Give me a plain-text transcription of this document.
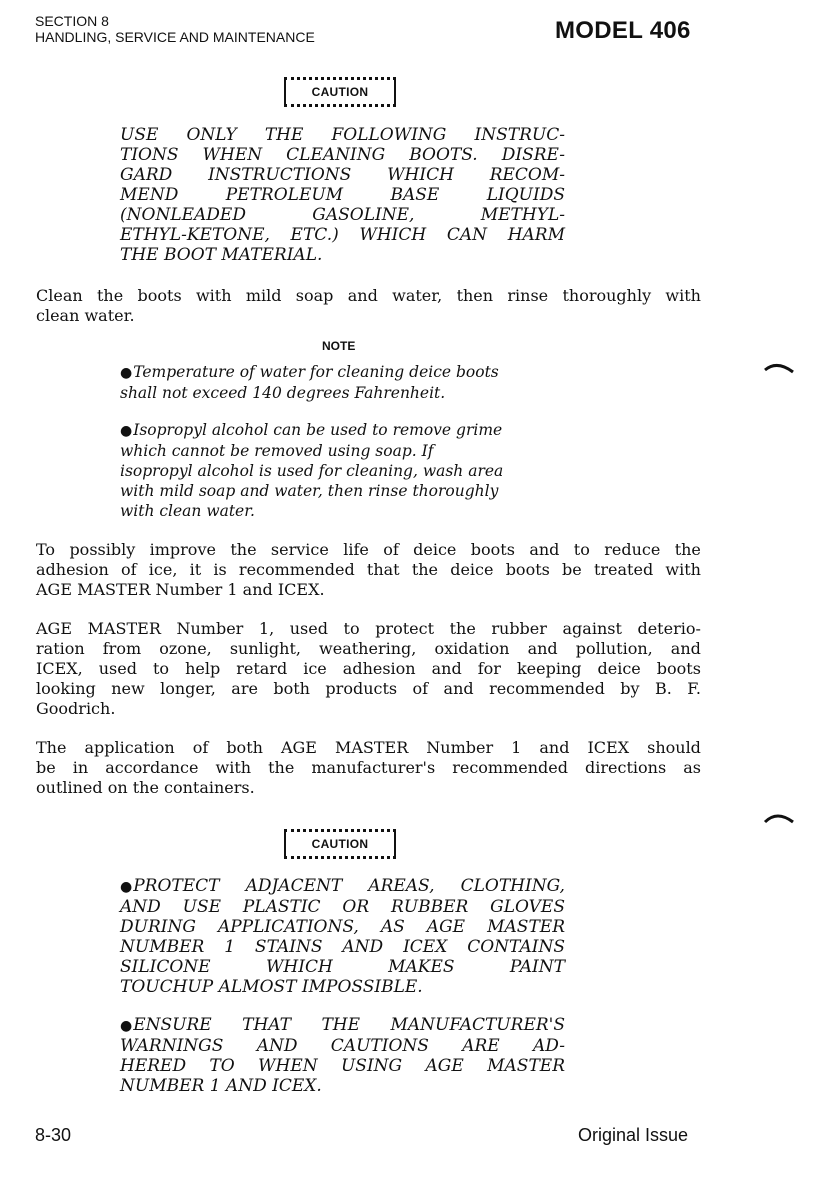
SECTION 8
HANDLING, SERVICE AND MAINTENANCE	MODEL 406
CAUTION
USE ONLY THE FOLLOWING INSTRUC-
TIONS WHEN CLEANING BOOTS. DISRE-
GARD INSTRUCTIONS WHICH RECOM-
MEND	PETROLEUM	BASE	LIQUIDS
(NONLEADED	GASOLINE,	METHYL-
ETHYL-KETONE, ETC.) WHICH CAN HARM
THE BOOT MATERIAL.
Clean the boots with mild soap and water, then rinse thoroughly with
clean water.
NOTE
●Temperature of water for cleaning deice boots
shall not exceed 140 degrees Fahrenheit.
●Isopropyl alcohol can be used to remove grime
which cannot be removed using soap. If
isopropyl alcohol is used for cleaning, wash area
with mild soap and water, then rinse thoroughly
with clean water.
To possibly improve the service life of deice boots and to reduce the
adhesion of ice, it is recommended that the deice boots be treated with
AGE MASTER Number 1 and ICEX.
AGE MASTER Number 1, used to protect the rubber against deterio-
ration from ozone, sunlight, weathering, oxidation and pollution, and
ICEX, used to help retard ice adhesion and for keeping deice boots
looking new longer, are both products of and recommended by B. F.
Goodrich.
The application of both AGE MASTER Number 1 and ICEX should
be in accordance with the manufacturer's recommended directions as
outlined on the containers.
CAUTION
●PROTECT ADJACENT AREAS, CLOTHING,
AND USE PLASTIC OR RUBBER GLOVES
DURING APPLICATIONS, AS AGE MASTER
NUMBER 1 STAINS AND ICEX CONTAINS
SILICONE	WHICH	MAKES	PAINT
TOUCHUP ALMOST IMPOSSIBLE.
●ENSURE THAT THE MANUFACTURER'S
WARNINGS AND CAUTIONS ARE AD-
HERED TO WHEN USING AGE MASTER
NUMBER 1 AND ICEX.
8-30	Original Issue
